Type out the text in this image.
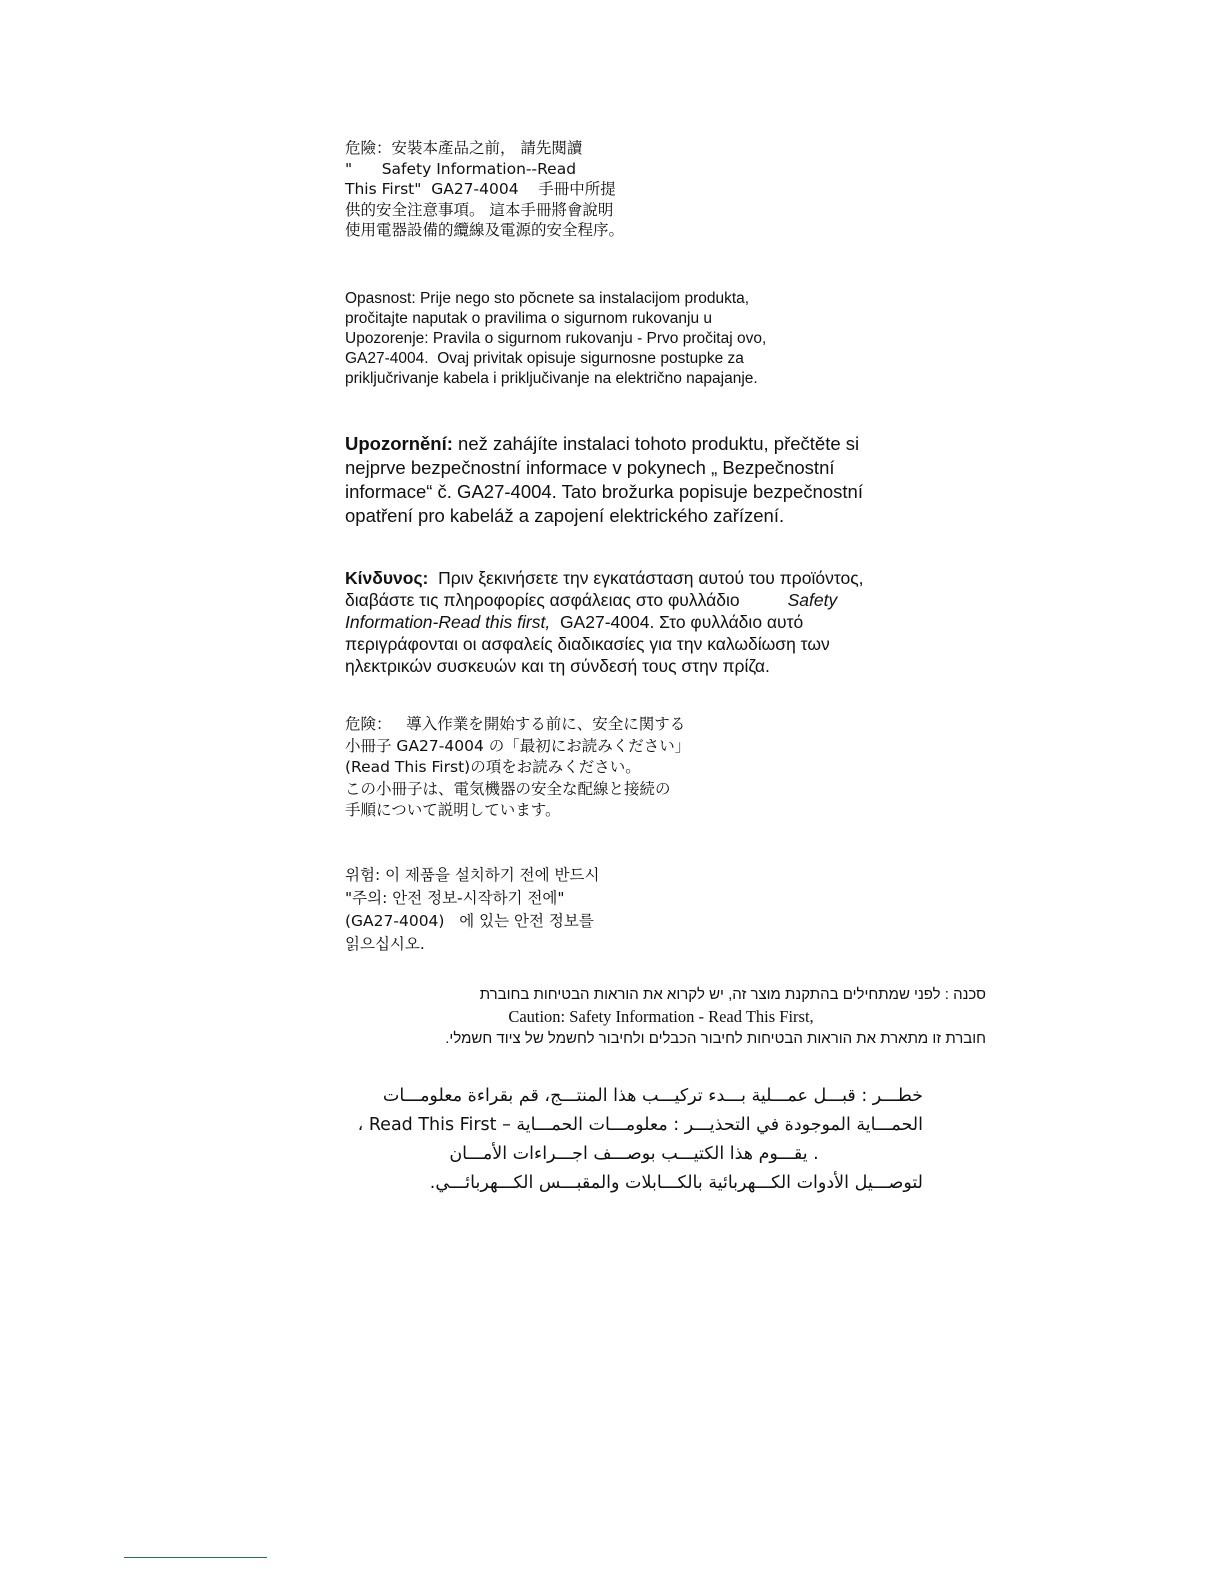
危險：安裝本產品之前， 請先閱讀
"      Safety Information--Read
This First"  GA27-4004    手冊中所提
供的安全注意事項。 這本手冊將會說明
使用電器設備的纜線及電源的安全程序。
Opasnost: Prije nego sto pŏcnete sa instalacijom produkta,
pročitajte naputak o pravilima o sigurnom rukovanju u
Upozorenje: Pravila o sigurnom rukovanju - Prvo pročitaj ovo,
GA27-4004.  Ovaj privitak opisuje sigurnosne postupke za
priključrivanje kabela i priključivanje na električno napajanje.
Upozornění: než zahájíte instalaci tohoto produktu, přečtěte si
nejprve bezpečnostní informace v pokynech „ Bezpečnostní
informace“ č. GA27-4004. Tato brožurka popisuje bezpečnostní
opatření pro kabeláž a zapojení elektrického zařízení.
Κίνδυνος:  Πριν ξεκινήσετε την εγκατάσταση αυτού του προϊόντος,
διαβάστε τις πληροφορίες ασφάλειας στο φυλλάδιο	Safety
Information-Read this first,  GA27-4004. Στο φυλλάδιο αυτό
περιγράφονται οι ασφαλείς διαδικασίες για την καλωδίωση των
ηλεκτρικών συσκευών και τη σύνδεσή τους στην πρίζα.
危険：   導入作業を開始する前に、安全に関する
小冊子 GA27-4004 の「最初にお読みください」
(Read This First)の項をお読みください。
この小冊子は、電気機器の安全な配線と接続の
手順について説明しています。
위험: 이 제품을 설치하기 전에 반드시
"주의: 안전 정보-시작하기 전에"
(GA27-4004)   에 있는 안전 정보를
읽으십시오.
סכנה : לפני שמתחילים בהתקנת מוצר זה, יש לקרוא את הוראות הבטיחות בחוברת
Caution: Safety Information - Read This First,
חוברת זו מתארת את הוראות הבטיחות לחיבור הכבלים ולחיבור לחשמל של ציוד חשמלי.
خطـــر : قبـــل عمـــلية بـــدء تركيـــب هذا المنتـــج، قم بقراءة معلومـــات
الحمـــاية الموجودة في التحذيـــر : معلومـــات الحمـــاية – Read This First ،
. يقـــوم هذا الكتيـــب بوصـــف اجـــراءات الأمـــان
لتوصـــيل الأدوات الكـــهربائية بالكـــابلات والمقبـــس الكـــهربائـــي.
